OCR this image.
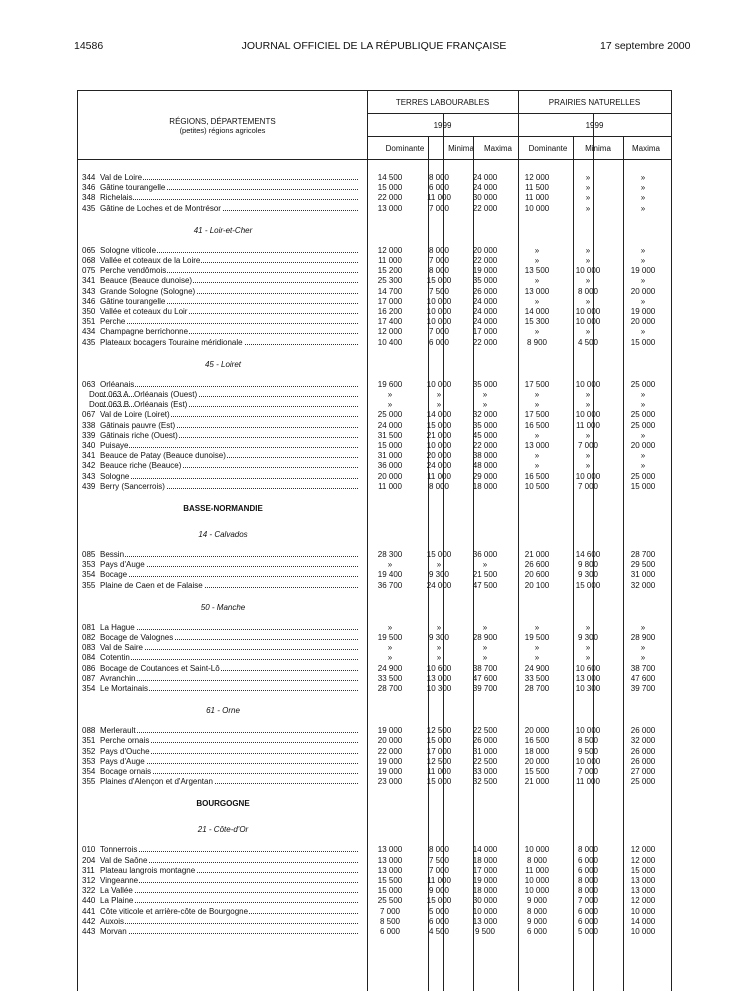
14586	JOURNAL OFFICIEL DE LA RÉPUBLIQUE FRANÇAISE	17 septembre 2000
RÉGIONS, DÉPARTEMENTS
(petites) régions agricoles
TERRES LABOURABLES	PRAIRIES NATURELLES
1999	1999
Dominante	Minima	Maxima	Dominante	Minima	Maxima
344 Val de Loire	14 500	8 000	24 000	12 000	»	»
346 Gâtine tourangelle	15 000	6 000	24 000	11 500	»	»
348 Richelais	22 000	11 000	30 000	11 000	»	»
435 Gâtine de Loches et de Montrésor	13 000	7 000	22 000	10 000	»	»
41 - Loir-et-Cher
065 Sologne viticole	12 000	8 000	20 000	»	»	»
068 Vallée et coteaux de la Loire	11 000	7 000	22 000	»	»	»
075 Perche vendômois	15 200	8 000	19 000	13 500	10 000	19 000
341 Beauce (Beauce dunoise)	25 300	15 000	35 000	»	»	»
343 Grande Sologne (Sologne)	14 700	7 500	26 000	13 000	8 000	20 000
346 Gâtine tourangelle	17 000	10 000	24 000	»	»	»
350 Vallée et coteaux du Loir	16 200	10 000	24 000	14 000	10 000	19 000
351 Perche	17 400	10 000	24 000	15 300	10 000	20 000
434 Champagne berrichonne	12 000	7 000	17 000	»	»	»
435 Plateaux bocagers Touraine méridionale	10 400	6 000	22 000	8 900	4 500	15 000
45 - Loiret
063 Orléanais	19 600	10 000	35 000	17 500	10 000	25 000
Dont 063 A Orléanais (Ouest)	»	»	»	»	»	»
Dont 063 B Orléanais (Est)	»	»	»	»	»	»
067 Val de Loire (Loiret)	25 000	14 000	32 000	17 500	10 000	25 000
338 Gâtinais pauvre (Est)	24 000	15 000	35 000	16 500	11 000	25 000
339 Gâtinais riche (Ouest)	31 500	21 000	45 000	»	»	»
340 Puisaye	15 000	10 000	22 000	13 000	7 000	20 000
341 Beauce de Patay (Beauce dunoise)	31 000	20 000	38 000	»	»	»
342 Beauce riche (Beauce)	36 000	24 000	48 000	»	»	»
343 Sologne	20 000	11 000	29 000	16 500	10 000	25 000
439 Berry (Sancerrois)	11 000	8 000	18 000	10 500	7 000	15 000
BASSE-NORMANDIE
14 - Calvados
085 Bessin	28 300	15 000	36 000	21 000	14 600	28 700
353 Pays d'Auge	»	»	»	26 600	9 800	29 500
354 Bocage	19 400	9 300	21 500	20 600	9 300	31 000
355 Plaine de Caen et de Falaise	36 700	24 000	47 500	20 100	15 000	32 000
50 - Manche
081 La Hague	»	»	»	»	»	»
082 Bocage de Valognes	19 500	9 300	28 900	19 500	9 300	28 900
083 Val de Saire	»	»	»	»	»	»
084 Cotentin	»	»	»	»	»	»
086 Bocage de Coutances et Saint-Lô	24 900	10 600	38 700	24 900	10 600	38 700
087 Avranchin	33 500	13 000	47 600	33 500	13 000	47 600
354 Le Mortainais	28 700	10 300	39 700	28 700	10 300	39 700
61 - Orne
088 Merlerault	19 000	12 500	22 500	20 000	10 000	26 000
351 Perche ornais	20 000	15 000	26 000	16 500	8 500	32 000
352 Pays d'Ouche	22 000	17 000	31 000	18 000	9 500	26 000
353 Pays d'Auge	19 000	12 500	22 500	20 000	10 000	26 000
354 Bocage ornais	19 000	11 000	33 000	15 500	7 000	27 000
355 Plaines d'Alençon et d'Argentan	23 000	15 000	32 500	21 000	11 000	25 000
BOURGOGNE
21 - Côte-d'Or
010 Tonnerrois	13 000	8 000	14 000	10 000	8 000	12 000
204 Val de Saône	13 000	7 500	18 000	8 000	6 000	12 000
311 Plateau langrois montagne	13 000	7 000	17 000	11 000	6 000	15 000
312 Vingeanne	15 500	11 000	19 000	10 000	8 000	13 000
322 La Vallée	15 000	9 000	18 000	10 000	8 000	13 000
440 La Plaine	25 500	15 000	30 000	9 000	7 000	12 000
441 Côte viticole et arrière-côte de Bourgogne	7 000	5 000	10 000	8 000	6 000	10 000
442 Auxois	8 500	6 000	13 000	9 000	6 000	14 000
443 Morvan	6 000	4 500	9 500	6 000	5 000	10 000
